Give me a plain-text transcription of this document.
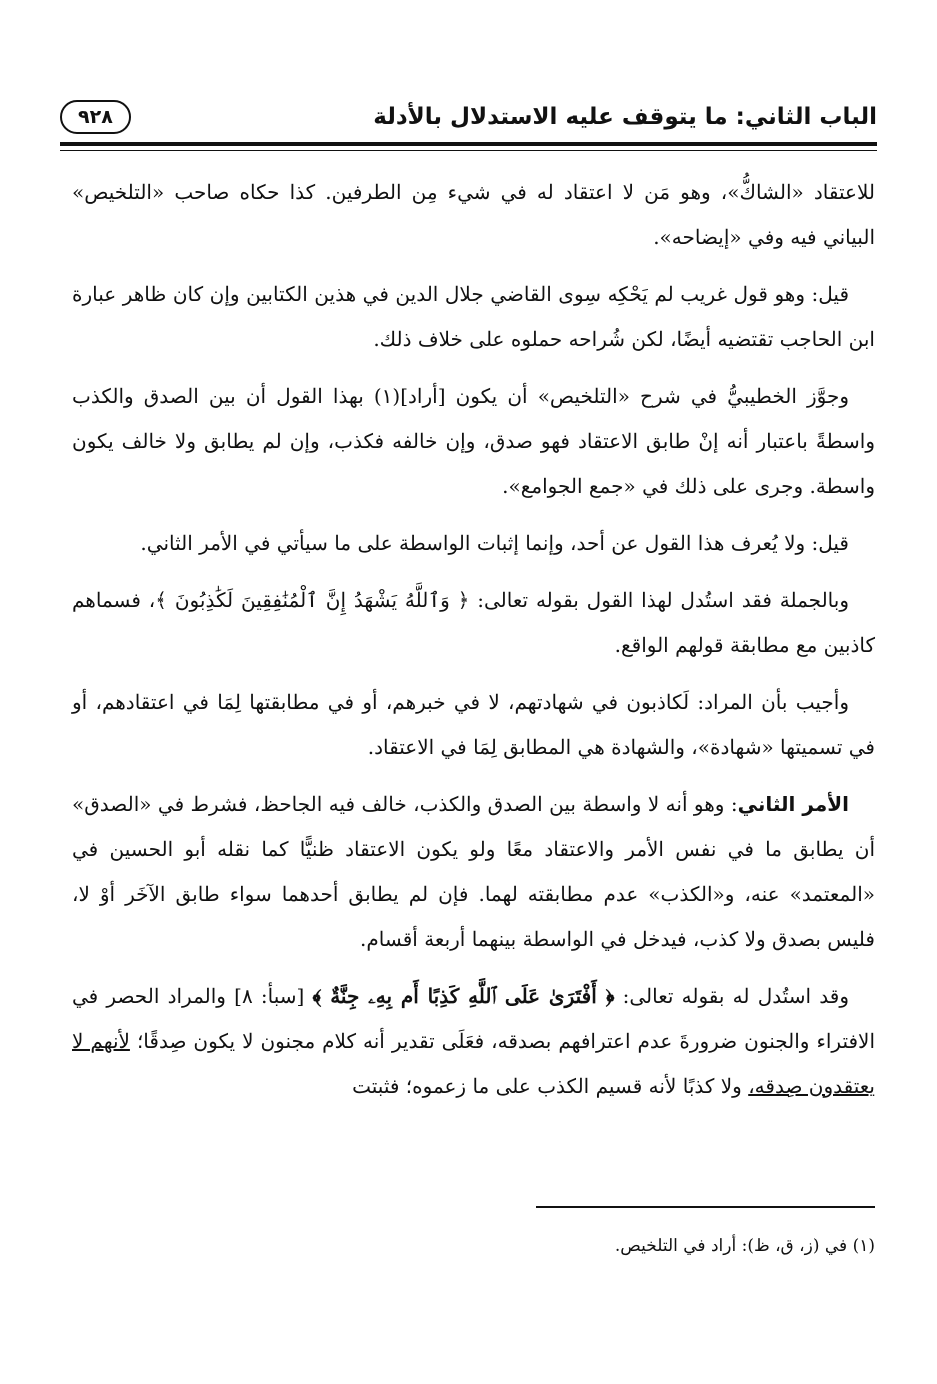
الباب الثاني: ما يتوقف عليه الاستدلال بالأدلة
٩٢٨

للاعتقاد «الشاكُّ»، وهو مَن لا اعتقاد له في شيء مِن الطرفين. كذا حكاه صاحب «التلخيص» البياني فيه وفي «إيضاحه».

قيل: وهو قول غريب لم يَحْكِه سِوى القاضي جلال الدين في هذين الكتابين وإن كان ظاهر عبارة ابن الحاجب تقتضيه أيضًا، لكن شُراحه حملوه على خلاف ذلك.

وجوَّز الخطيبيُّ في شرح «التلخيص» أن يكون [أراد](١) بهذا القول أن بين الصدق والكذب واسطةً باعتبار أنه إنْ طابق الاعتقاد فهو صدق، وإن خالفه فكذب، وإن لم يطابق ولا خالف يكون واسطة. وجرى على ذلك في «جمع الجوامع».

قيل: ولا يُعرف هذا القول عن أحد، وإنما إثبات الواسطة على ما سيأتي في الأمر الثاني.

وبالجملة فقد استُدل لهذا القول بقوله تعالى: ﴿ وَٱللَّهُ يَشْهَدُ إِنَّ ٱلْمُنَٰفِقِينَ لَكَٰذِبُونَ ﴾، فسماهم كاذبين مع مطابقة قولهم الواقع.

وأجيب بأن المراد: لَكاذبون في شهادتهم، لا في خبرهم، أو في مطابقتها لِمَا في اعتقادهم، أو في تسميتها «شهادة»، والشهادة هي المطابق لِمَا في الاعتقاد.

الأمر الثاني: وهو أنه لا واسطة بين الصدق والكذب، خالف فيه الجاحظ، فشرط في «الصدق» أن يطابق ما في نفس الأمر والاعتقاد معًا ولو يكون الاعتقاد ظنيًّا كما نقله أبو الحسين في «المعتمد» عنه، و«الكذب» عدم مطابقته لهما. فإن لم يطابق أحدهما سواء طابق الآخَر أوْ لا، فليس بصدق ولا كذب، فيدخل في الواسطة بينهما أربعة أقسام.

وقد استُدل له بقوله تعالى: ﴿ أَفْتَرَىٰ عَلَى ٱللَّهِ كَذِبًا أَم بِهِۦ جِنَّةٌ ﴾ [سبأ: ٨] والمراد الحصر في الافتراء والجنون ضرورةَ عدم اعترافهم بصدقه، فعَلَى تقدير أنه كلام مجنون لا يكون صِدقًا؛ لأنهم لا يعتقدون صِدقه، ولا كذبًا لأنه قسيم الكذب على ما زعموه؛ فثبتت

(١) في (ز، ق، ظ): أراد في التلخيص.
